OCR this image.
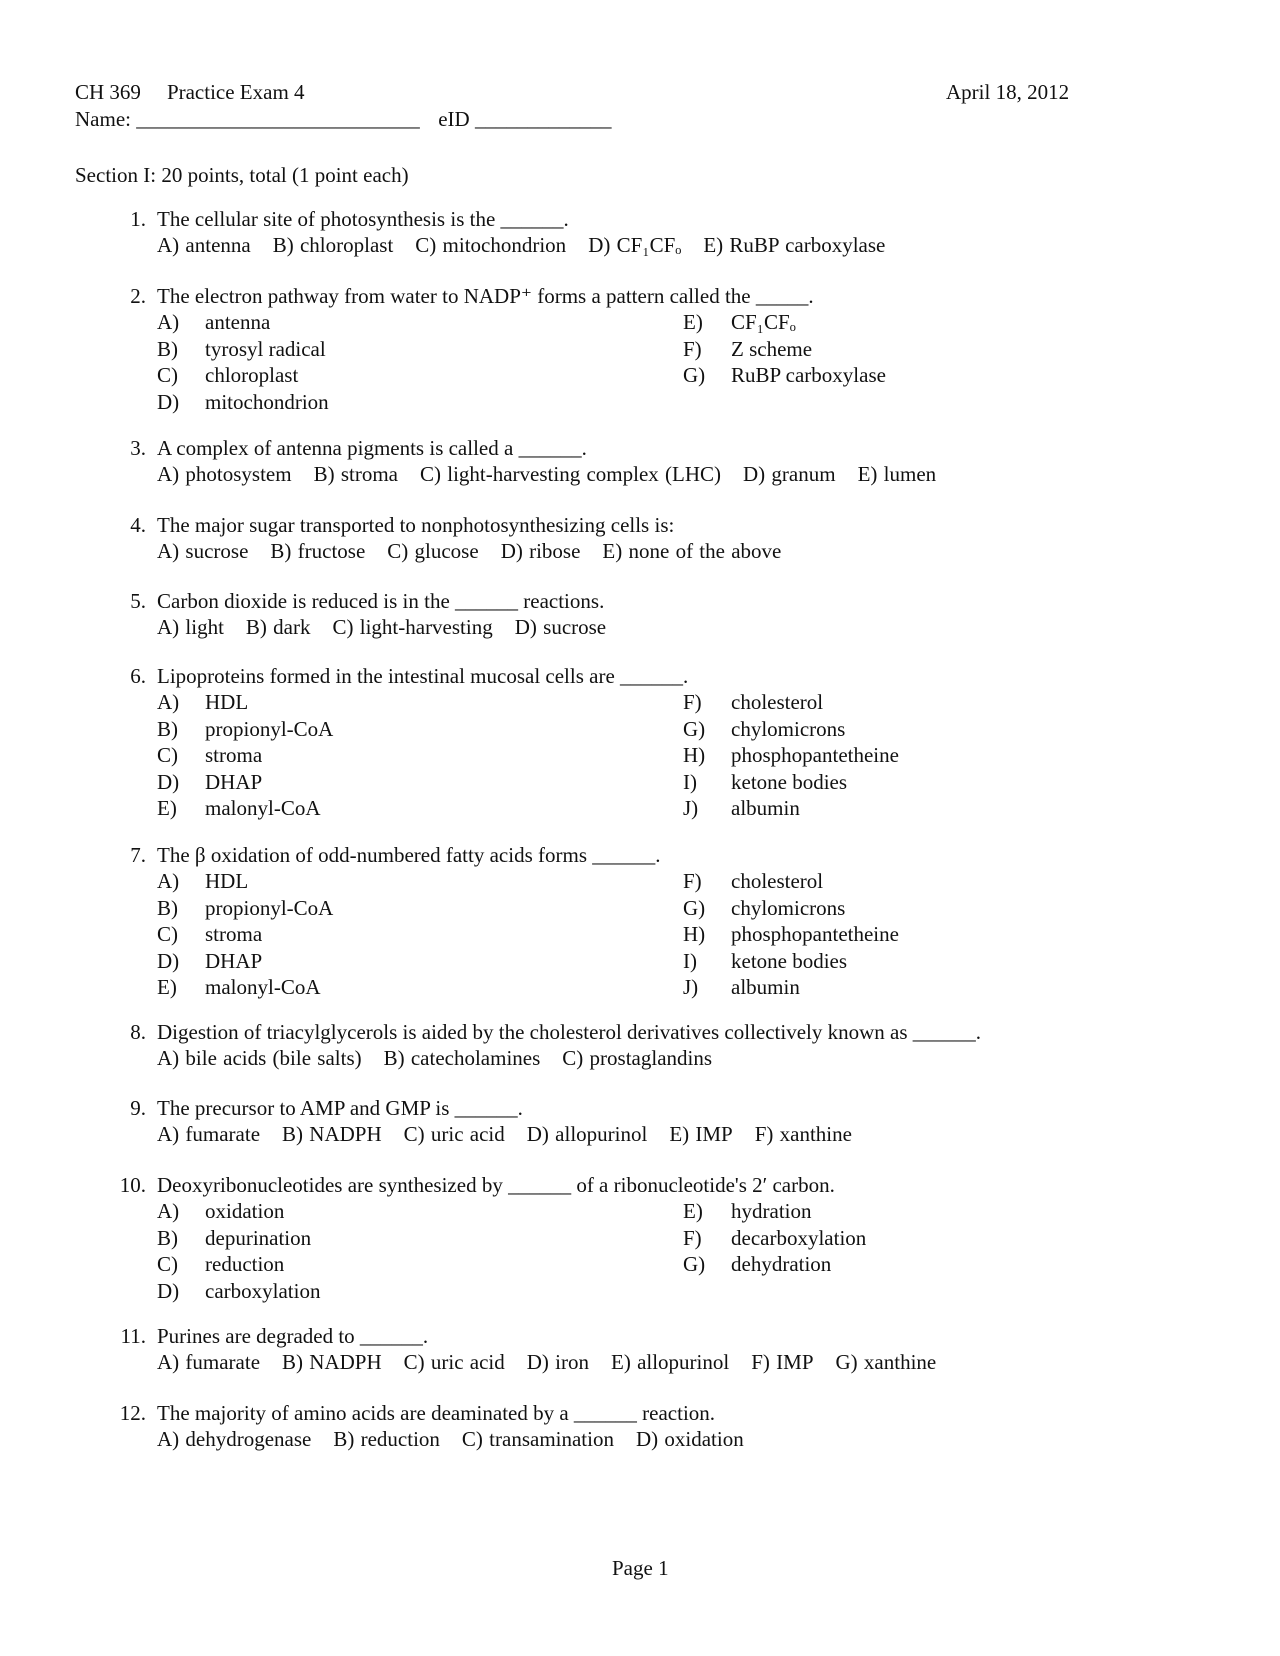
CH 369 Practice Exam 4	April 18, 2012
Name: ___________________________ eID _____________
Section I: 20 points, total (1 point each)
1. The cellular site of photosynthesis is the ______.
A) antenna B) chloroplast C) mitochondrion D) CF₁CFₒ E) RuBP carboxylase
2. The electron pathway from water to NADP⁺ forms a pattern called the _____.
A) antenna
B) tyrosyl radical
C) chloroplast
D) mitochondrion
E) CF₁CFₒ
F) Z scheme
G) RuBP carboxylase
3. A complex of antenna pigments is called a ______.
A) photosystem B) stroma C) light-harvesting complex (LHC) D) granum E) lumen
4. The major sugar transported to nonphotosynthesizing cells is:
A) sucrose B) fructose C) glucose D) ribose E) none of the above
5. Carbon dioxide is reduced is in the ______ reactions.
A) light B) dark C) light-harvesting D) sucrose
6. Lipoproteins formed in the intestinal mucosal cells are ______.
A) HDL
B) propionyl-CoA
C) stroma
D) DHAP
E) malonyl-CoA
F) cholesterol
G) chylomicrons
H) phosphopantetheine
I) ketone bodies
J) albumin
7. The β oxidation of odd-numbered fatty acids forms ______.
A) HDL
B) propionyl-CoA
C) stroma
D) DHAP
E) malonyl-CoA
F) cholesterol
G) chylomicrons
H) phosphopantetheine
I) ketone bodies
J) albumin
8. Digestion of triacylglycerols is aided by the cholesterol derivatives collectively known as ______.
A) bile acids (bile salts) B) catecholamines C) prostaglandins
9. The precursor to AMP and GMP is ______.
A) fumarate B) NADPH C) uric acid D) allopurinol E) IMP F) xanthine
10. Deoxyribonucleotides are synthesized by ______ of a ribonucleotide's 2′ carbon.
A) oxidation
B) depurination
C) reduction
D) carboxylation
E) hydration
F) decarboxylation
G) dehydration
11. Purines are degraded to ______.
A) fumarate B) NADPH C) uric acid D) iron E) allopurinol F) IMP G) xanthine
12. The majority of amino acids are deaminated by a ______ reaction.
A) dehydrogenase B) reduction C) transamination D) oxidation
Page 1
